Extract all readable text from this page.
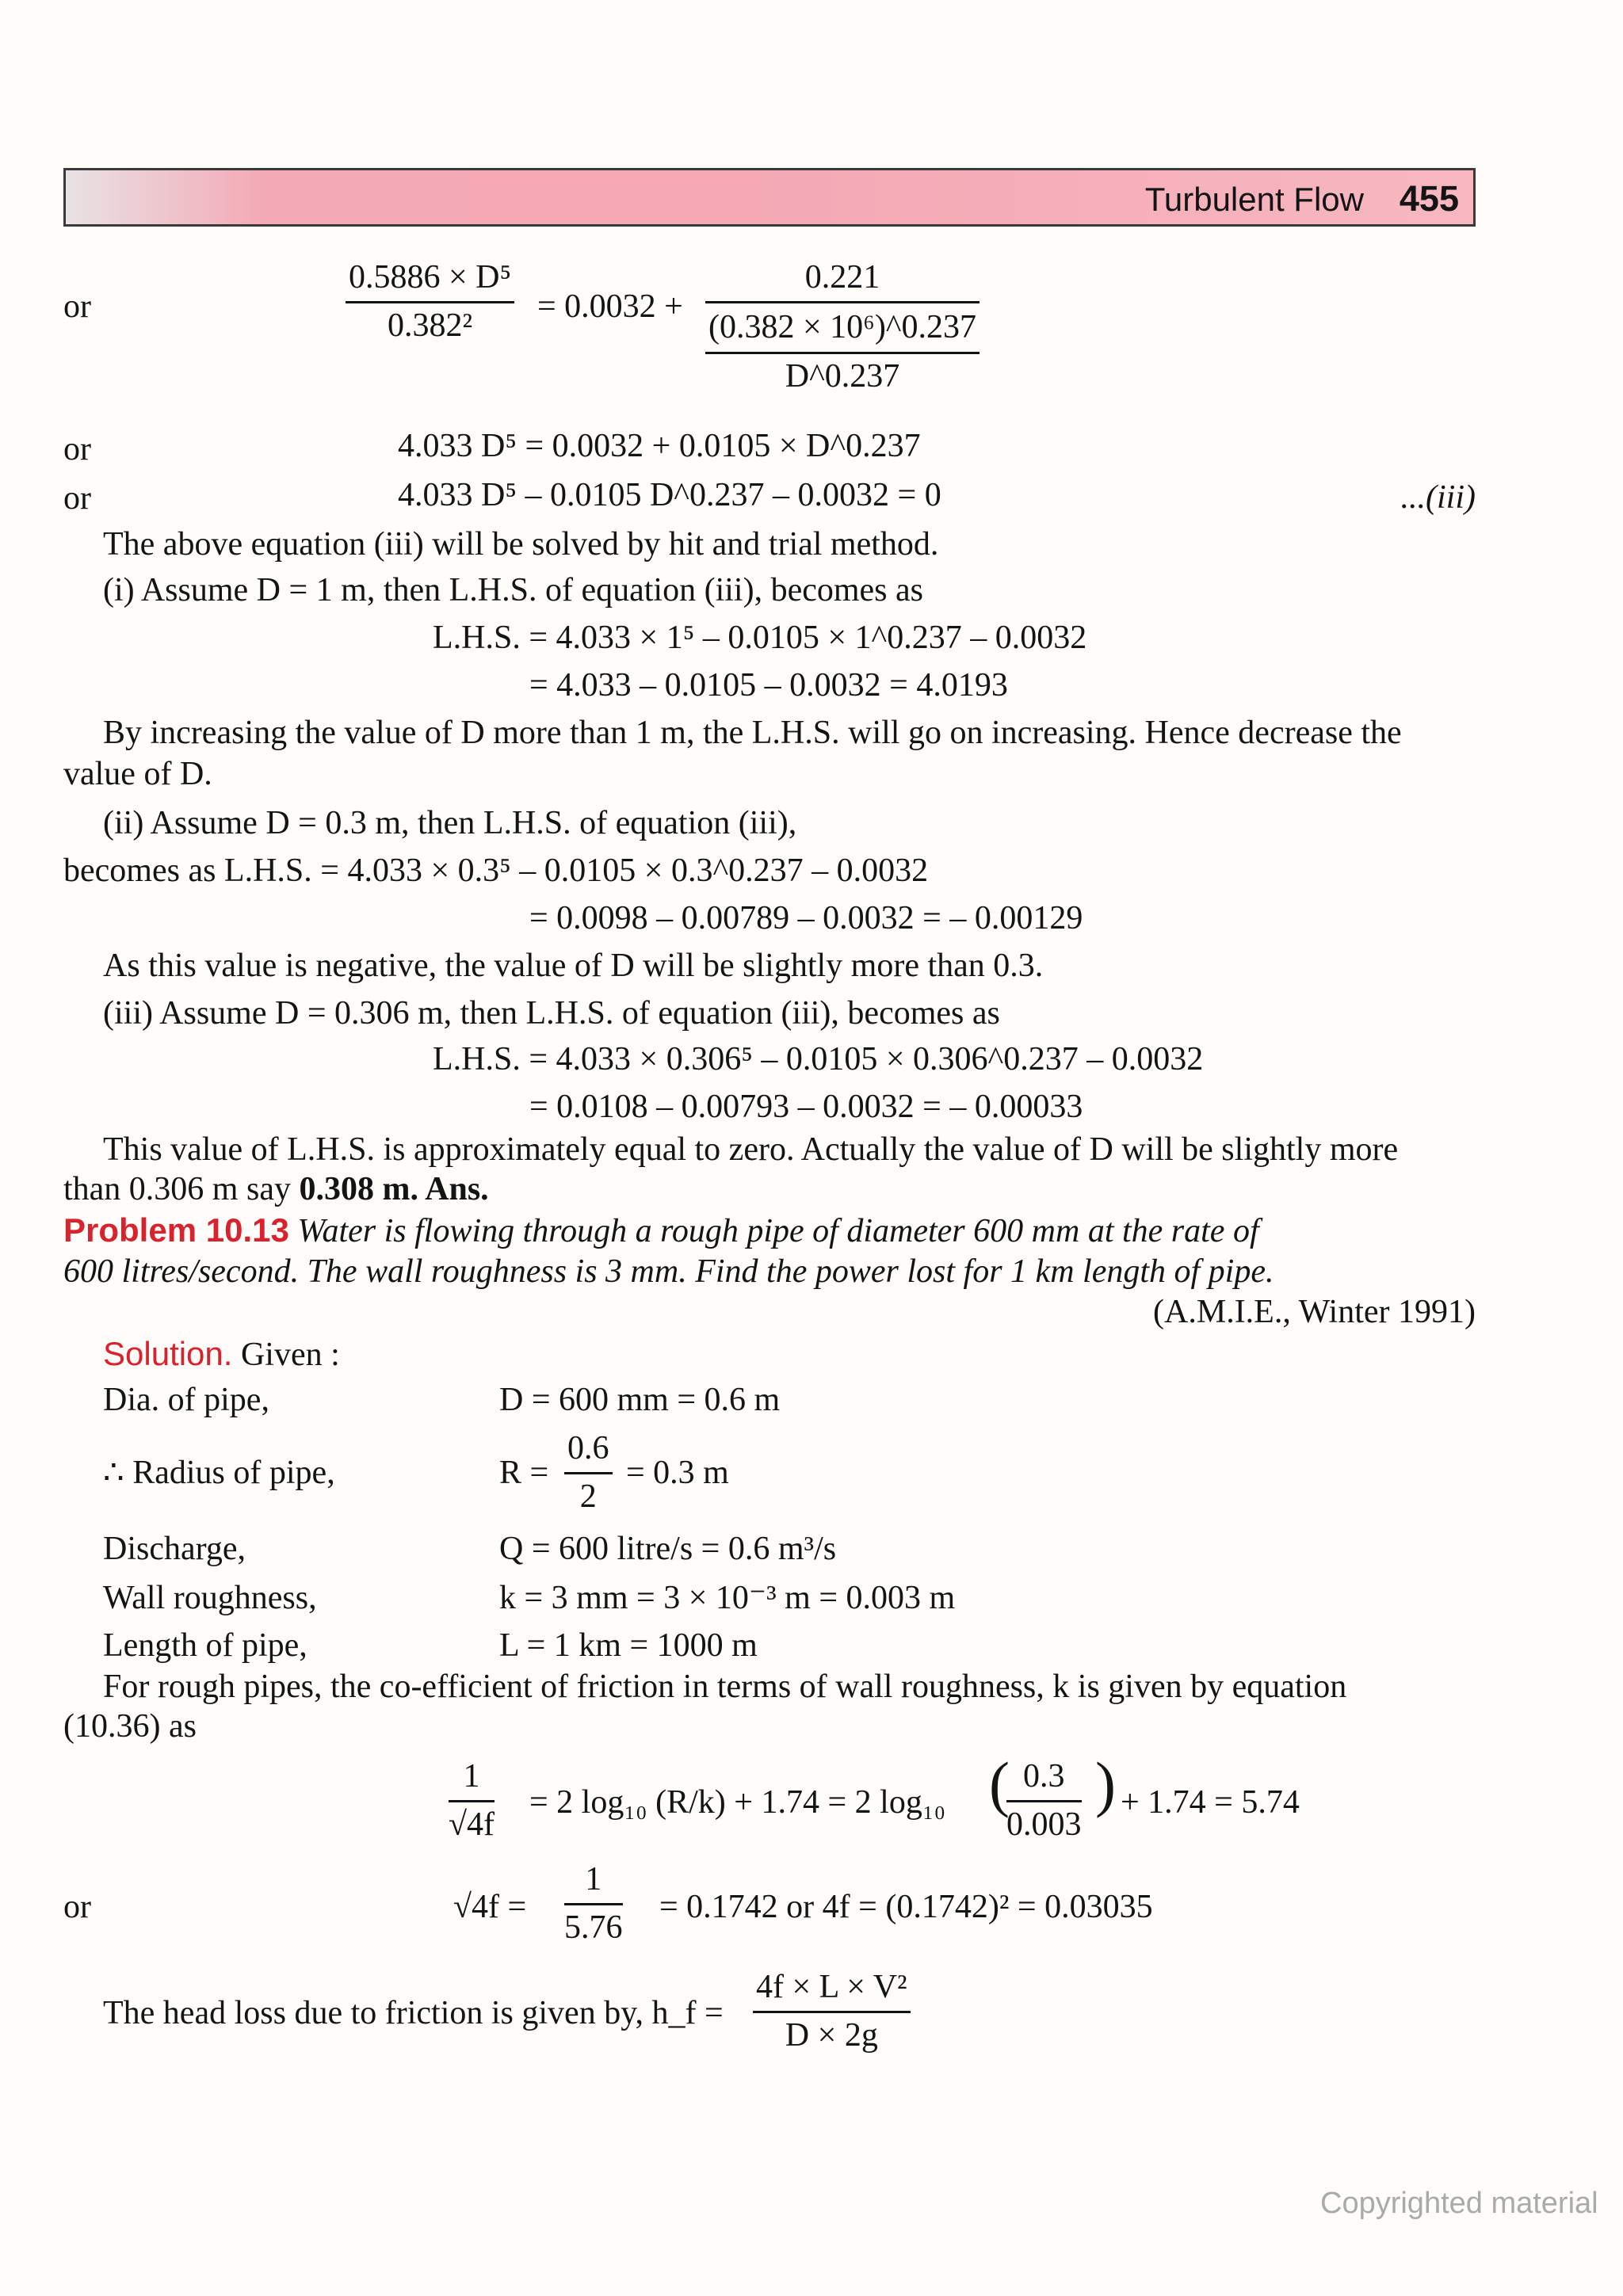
Turbulent Flow 455
or	$\frac{\text{0.5886 × D⁵}}{\text{0.382²}} = 0.0032$ +
0.221
(0.382 × 10⁶)^0.237
D^0.237
or	4.033 D⁵ = 0.0032 + 0.0105 × D^0.237
or	4.033 D⁵ – 0.0105 D^0.237 – 0.0032 = 0	...(iii)
The above equation (iii) will be solved by hit and trial method.
(i) Assume D = 1 m, then L.H.S. of equation (iii), becomes as
L.H.S. = 4.033 × 1⁵ – 0.0105 × 1^0.237 – 0.0032
= 4.033 – 0.0105 – 0.0032 = 4.0193
By increasing the value of D more than 1 m, the L.H.S. will go on increasing. Hence decrease the
value of D.
(ii) Assume D = 0.3 m, then L.H.S. of equation (iii),
becomes as L.H.S. = 4.033 × 0.3⁵ – 0.0105 × 0.3^0.237 – 0.0032
= 0.0098 – 0.00789 – 0.0032 = – 0.00129
As this value is negative, the value of D will be slightly more than 0.3.
(iii) Assume D = 0.306 m, then L.H.S. of equation (iii), becomes as
L.H.S. = 4.033 × 0.306⁵ – 0.0105 × 0.306^0.237 – 0.0032
= 0.0108 – 0.00793 – 0.0032 = – 0.00033
This value of L.H.S. is approximately equal to zero. Actually the value of D will be slightly more
than 0.306 m say 0.308 m. Ans.
Problem 10.13 Water is flowing through a rough pipe of diameter 600 mm at the rate of
600 litres/second. The wall roughness is 3 mm. Find the power lost for 1 km length of pipe.
(A.M.I.E., Winter 1991)
Solution. Given :
Dia. of pipe,	D = 600 mm = 0.6 m
∴ Radius of pipe,	$R = \frac{0.6}{2} = 0.3$ m
Discharge,	Q = 600 litre/s = 0.6 m³/s
Wall roughness,	k = 3 mm = 3 × 10⁻³ m = 0.003 m
Length of pipe,	L = 1 km = 1000 m
For rough pipes, the co-efficient of friction in terms of wall roughness, k is given by equation
(10.36) as
$\frac{1}{√4f} = 2$ log₁₀ (R/k) + 1.74 = 2 log₁₀ (
$\frac{0.3}{0.003}$ ) + 1.74 = 5.74
or	$√4f = \frac{1}{5.76} = 0.1742$ or 4f = (0.1742)² = 0.03035
The head loss due to friction is given by, h_f = $\frac{\text{4f × L × V²}}{D \times 2g}$
Copyrighted material
